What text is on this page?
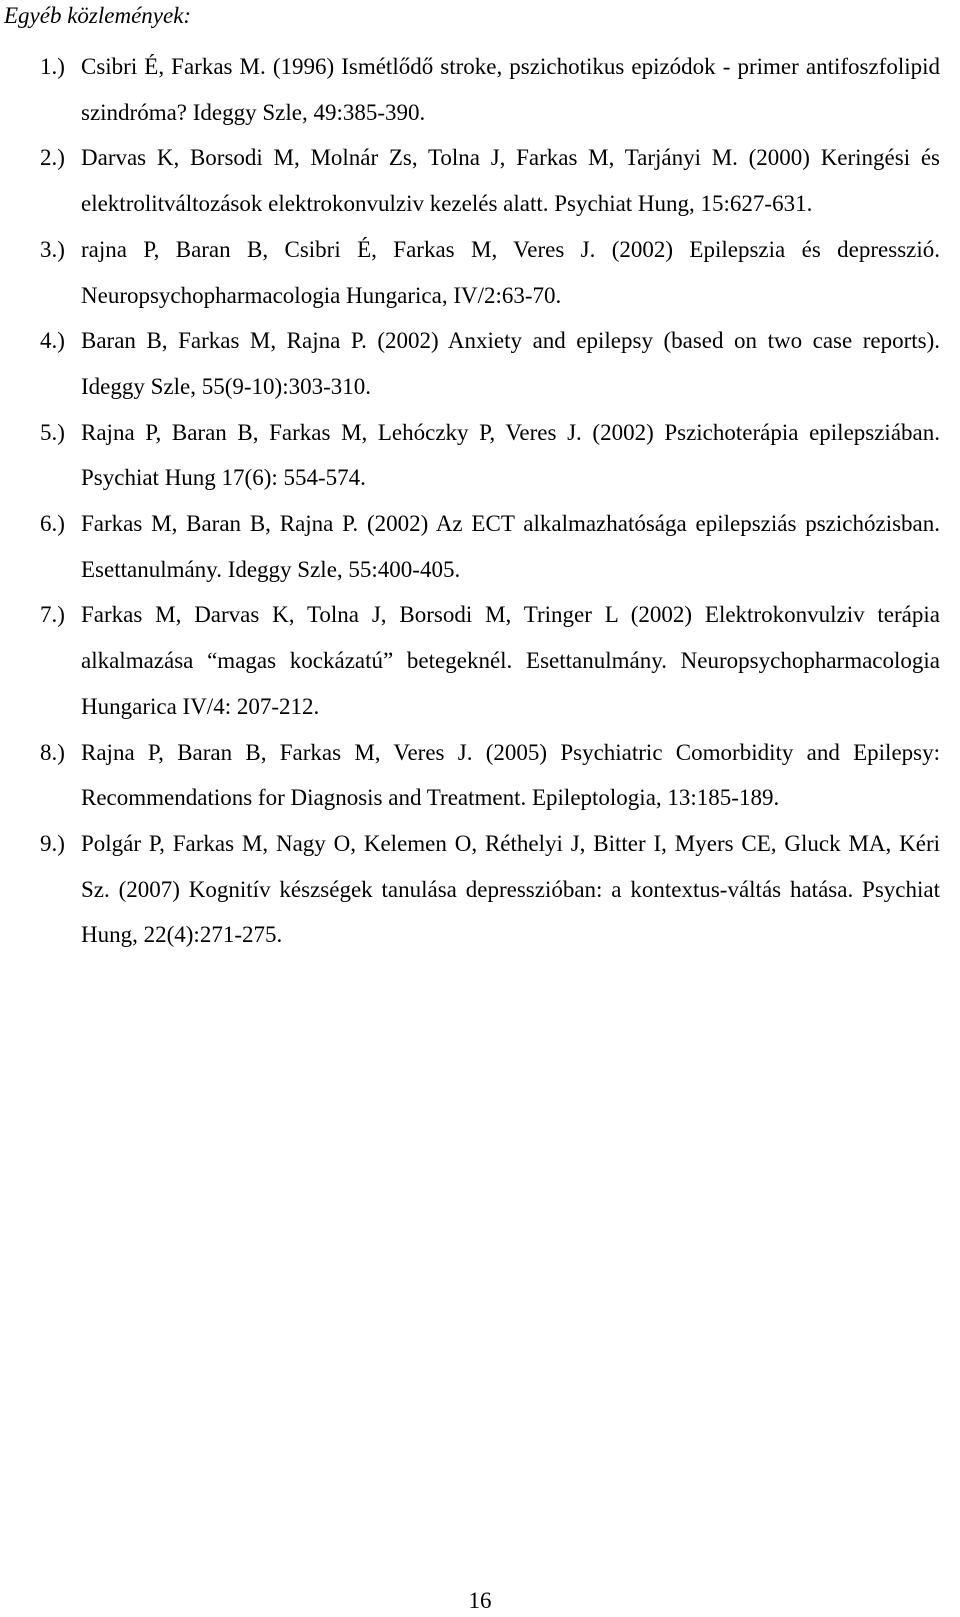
Egyéb közlemények:
1.) Csibri É, Farkas M. (1996) Ismétlődő stroke, pszichotikus epizódok - primer antifoszfolipid szindróma? Ideggy Szle, 49:385-390.
2.) Darvas K, Borsodi M, Molnár Zs, Tolna J, Farkas M, Tarjányi M. (2000) Keringési és elektrolitváltozások elektrokonvulziv kezelés alatt. Psychiat Hung, 15:627-631.
3.) rajna P, Baran B, Csibri É, Farkas M, Veres J. (2002) Epilepszia és depresszió. Neuropsychopharmacologia Hungarica, IV/2:63-70.
4.) Baran B, Farkas M, Rajna P. (2002) Anxiety and epilepsy (based on two case reports). Ideggy Szle, 55(9-10):303-310.
5.) Rajna P, Baran B, Farkas M, Lehóczky P, Veres J. (2002) Pszichoterápia epilepsziában. Psychiat Hung 17(6): 554-574.
6.) Farkas M, Baran B, Rajna P. (2002) Az ECT alkalmazhatósága epilepsziás pszichózisban. Esettanulmány. Ideggy Szle, 55:400-405.
7.) Farkas M, Darvas K, Tolna J, Borsodi M, Tringer L (2002) Elektrokonvulziv terápia alkalmazása “magas kockázatú” betegeknél. Esettanulmány. Neuropsychopharmacologia Hungarica IV/4: 207-212.
8.) Rajna P, Baran B, Farkas M, Veres J. (2005) Psychiatric Comorbidity and Epilepsy: Recommendations for Diagnosis and Treatment. Epileptologia, 13:185-189.
9.) Polgár P, Farkas M, Nagy O, Kelemen O, Réthelyi J, Bitter I, Myers CE, Gluck MA, Kéri Sz. (2007) Kognitív készségek tanulása depresszióban: a kontextus-váltás hatása. Psychiat Hung, 22(4):271-275.
16
